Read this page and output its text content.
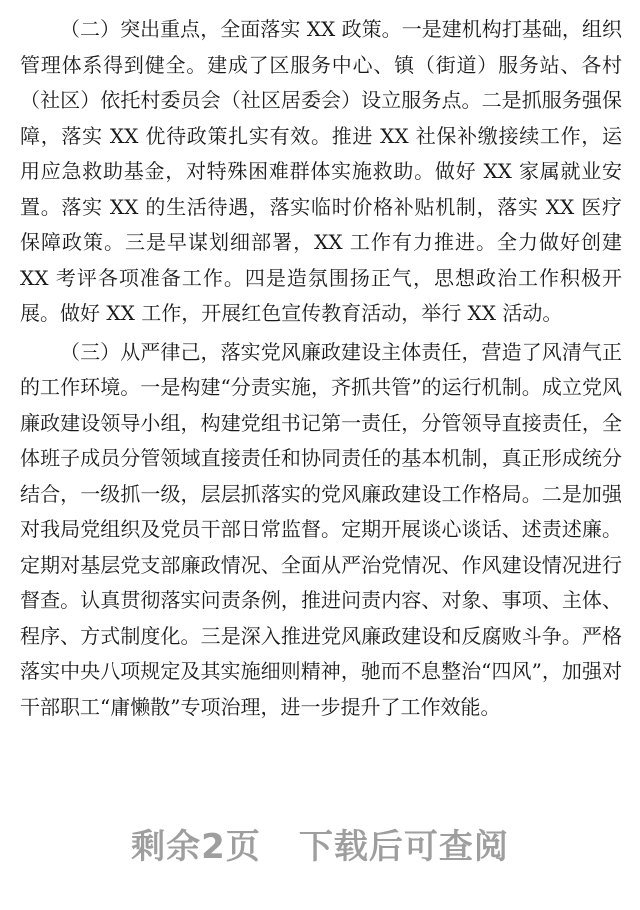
（二）突出重点，全面落实 XX 政策。一是建机构打基础，组织管理体系得到健全。建成了区服务中心、镇（街道）服务站、各村（社区）依托村委员会（社区居委会）设立服务点。二是抓服务强保障，落实 XX 优待政策扎实有效。推进 XX 社保补缴接续工作，运用应急救助基金，对特殊困难群体实施救助。做好 XX 家属就业安置。落实 XX 的生活待遇，落实临时价格补贴机制，落实 XX 医疗保障政策。三是早谋划细部署，XX 工作有力推进。全力做好创建 XX 考评各项准备工作。四是造氛围扬正气，思想政治工作积极开展。做好 XX 工作，开展红色宣传教育活动，举行 XX 活动。

（三）从严律己，落实党风廉政建设主体责任，营造了风清气正的工作环境。一是构建“分责实施，齐抓共管”的运行机制。成立党风廉政建设领导小组，构建党组书记第一责任，分管领导直接责任，全体班子成员分管领域直接责任和协同责任的基本机制，真正形成统分结合，一级抓一级，层层抓落实的党风廉政建设工作格局。二是加强对我局党组织及党员干部日常监督。定期开展谈心谈话、述责述廉。定期对基层党支部廉政情况、全面从严治党情况、作风建设情况进行督查。认真贯彻落实问责条例，推进问责内容、对象、事项、主体、程序、方式制度化。三是深入推进党风廉政建设和反腐败斗争。严格落实中央八项规定及其实施细则精神，驰而不息整治“四风”，加强对干部职工“庸懒散”专项治理，进一步提升了工作效能。

剩余2页 下载后可查阅
